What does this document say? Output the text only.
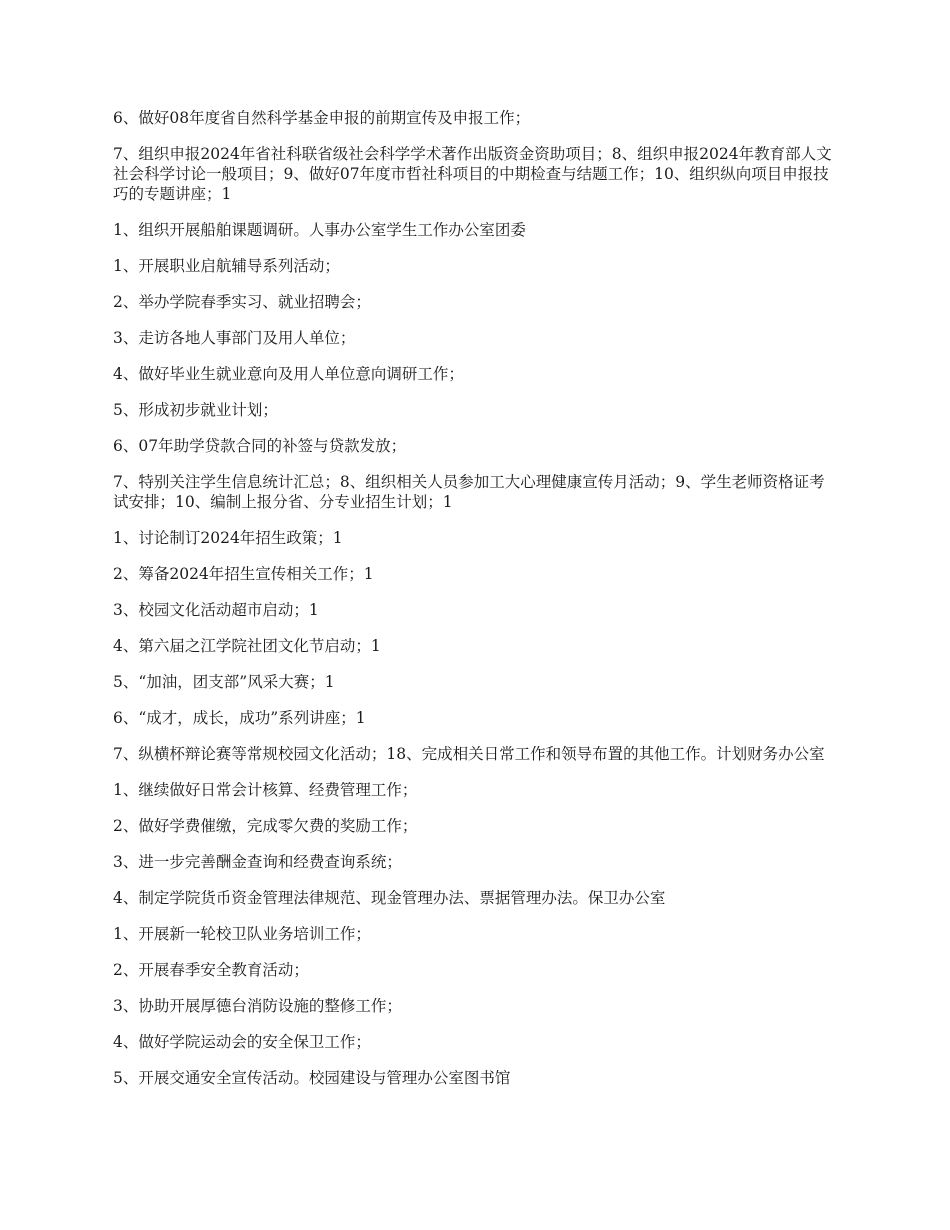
6、做好08年度省自然科学基金申报的前期宣传及申报工作；

7、组织申报2024年省社科联省级社会科学学术著作出版资金资助项目；8、组织申报2024年教育部人文社会科学讨论一般项目；9、做好07年度市哲社科项目的中期检查与结题工作；10、组织纵向项目申报技巧的专题讲座；1

1、组织开展船舶课题调研。人事办公室学生工作办公室团委

1、开展职业启航辅导系列活动；

2、举办学院春季实习、就业招聘会；

3、走访各地人事部门及用人单位；

4、做好毕业生就业意向及用人单位意向调研工作；

5、形成初步就业计划；

6、07年助学贷款合同的补签与贷款发放；

7、特别关注学生信息统计汇总；8、组织相关人员参加工大心理健康宣传月活动；9、学生老师资格证考试安排；10、编制上报分省、分专业招生计划；1

1、讨论制订2024年招生政策；1

2、筹备2024年招生宣传相关工作；1

3、校园文化活动超市启动；1

4、第六届之江学院社团文化节启动；1

5、“加油，团支部”风采大赛；1

6、“成才，成长，成功”系列讲座；1

7、纵横杯辩论赛等常规校园文化活动；18、完成相关日常工作和领导布置的其他工作。计划财务办公室

1、继续做好日常会计核算、经费管理工作；

2、做好学费催缴，完成零欠费的奖励工作；

3、进一步完善酬金查询和经费查询系统；

4、制定学院货币资金管理法律规范、现金管理办法、票据管理办法。保卫办公室

1、开展新一轮校卫队业务培训工作；

2、开展春季安全教育活动；

3、协助开展厚德台消防设施的整修工作；

4、做好学院运动会的安全保卫工作；

5、开展交通安全宣传活动。校园建设与管理办公室图书馆
